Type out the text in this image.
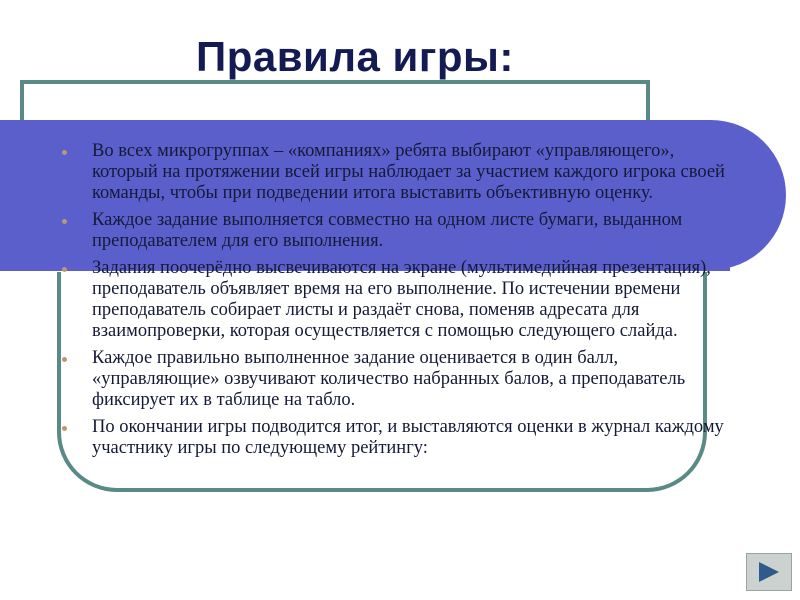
Правила игры:
Во всех микрогруппах – «компаниях» ребята выбирают «управляющего», который на протяжении всей игры наблюдает за участием каждого игрока своей команды, чтобы при подведении итога выставить объективную оценку.
Каждое задание выполняется совместно на одном листе бумаги, выданном преподавателем для его выполнения.
Задания поочерёдно высвечиваются на экране (мультимедийная презентация), преподаватель объявляет время на его выполнение. По истечении времени преподаватель собирает листы и раздаёт снова, поменяв адресата для взаимопроверки, которая осуществляется с помощью следующего слайда.
Каждое правильно выполненное задание оценивается в один балл, «управляющие» озвучивают количество набранных балов, а преподаватель фиксирует их в таблице на табло.
По окончании игры подводится итог, и выставляются оценки в журнал каждому участнику игры по следующему рейтингу:
